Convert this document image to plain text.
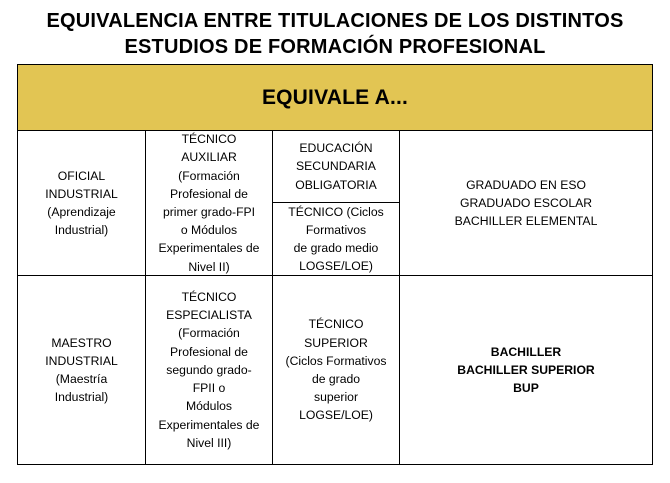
EQUIVALENCIA ENTRE TITULACIONES DE LOS DISTINTOS
ESTUDIOS DE FORMACIÓN PROFESIONAL
EQUIVALE A...
OFICIAL
INDUSTRIAL
(Aprendizaje
Industrial)
TÉCNICO
AUXILIAR
(Formación
Profesional de
primer grado-FPI
o Módulos
Experimentales de
Nivel II)
EDUCACIÓN
SECUNDARIA
OBLIGATORIA
TÉCNICO (Ciclos
Formativos
de grado medio
LOGSE/LOE)
GRADUADO EN ESO
GRADUADO ESCOLAR
BACHILLER ELEMENTAL
MAESTRO
INDUSTRIAL
(Maestría
Industrial)
TÉCNICO
ESPECIALISTA
(Formación
Profesional de
segundo grado-
FPII o
Módulos
Experimentales de
Nivel III)
TÉCNICO
SUPERIOR
(Ciclos Formativos
de grado
superior
LOGSE/LOE)
BACHILLER
BACHILLER SUPERIOR
BUP
